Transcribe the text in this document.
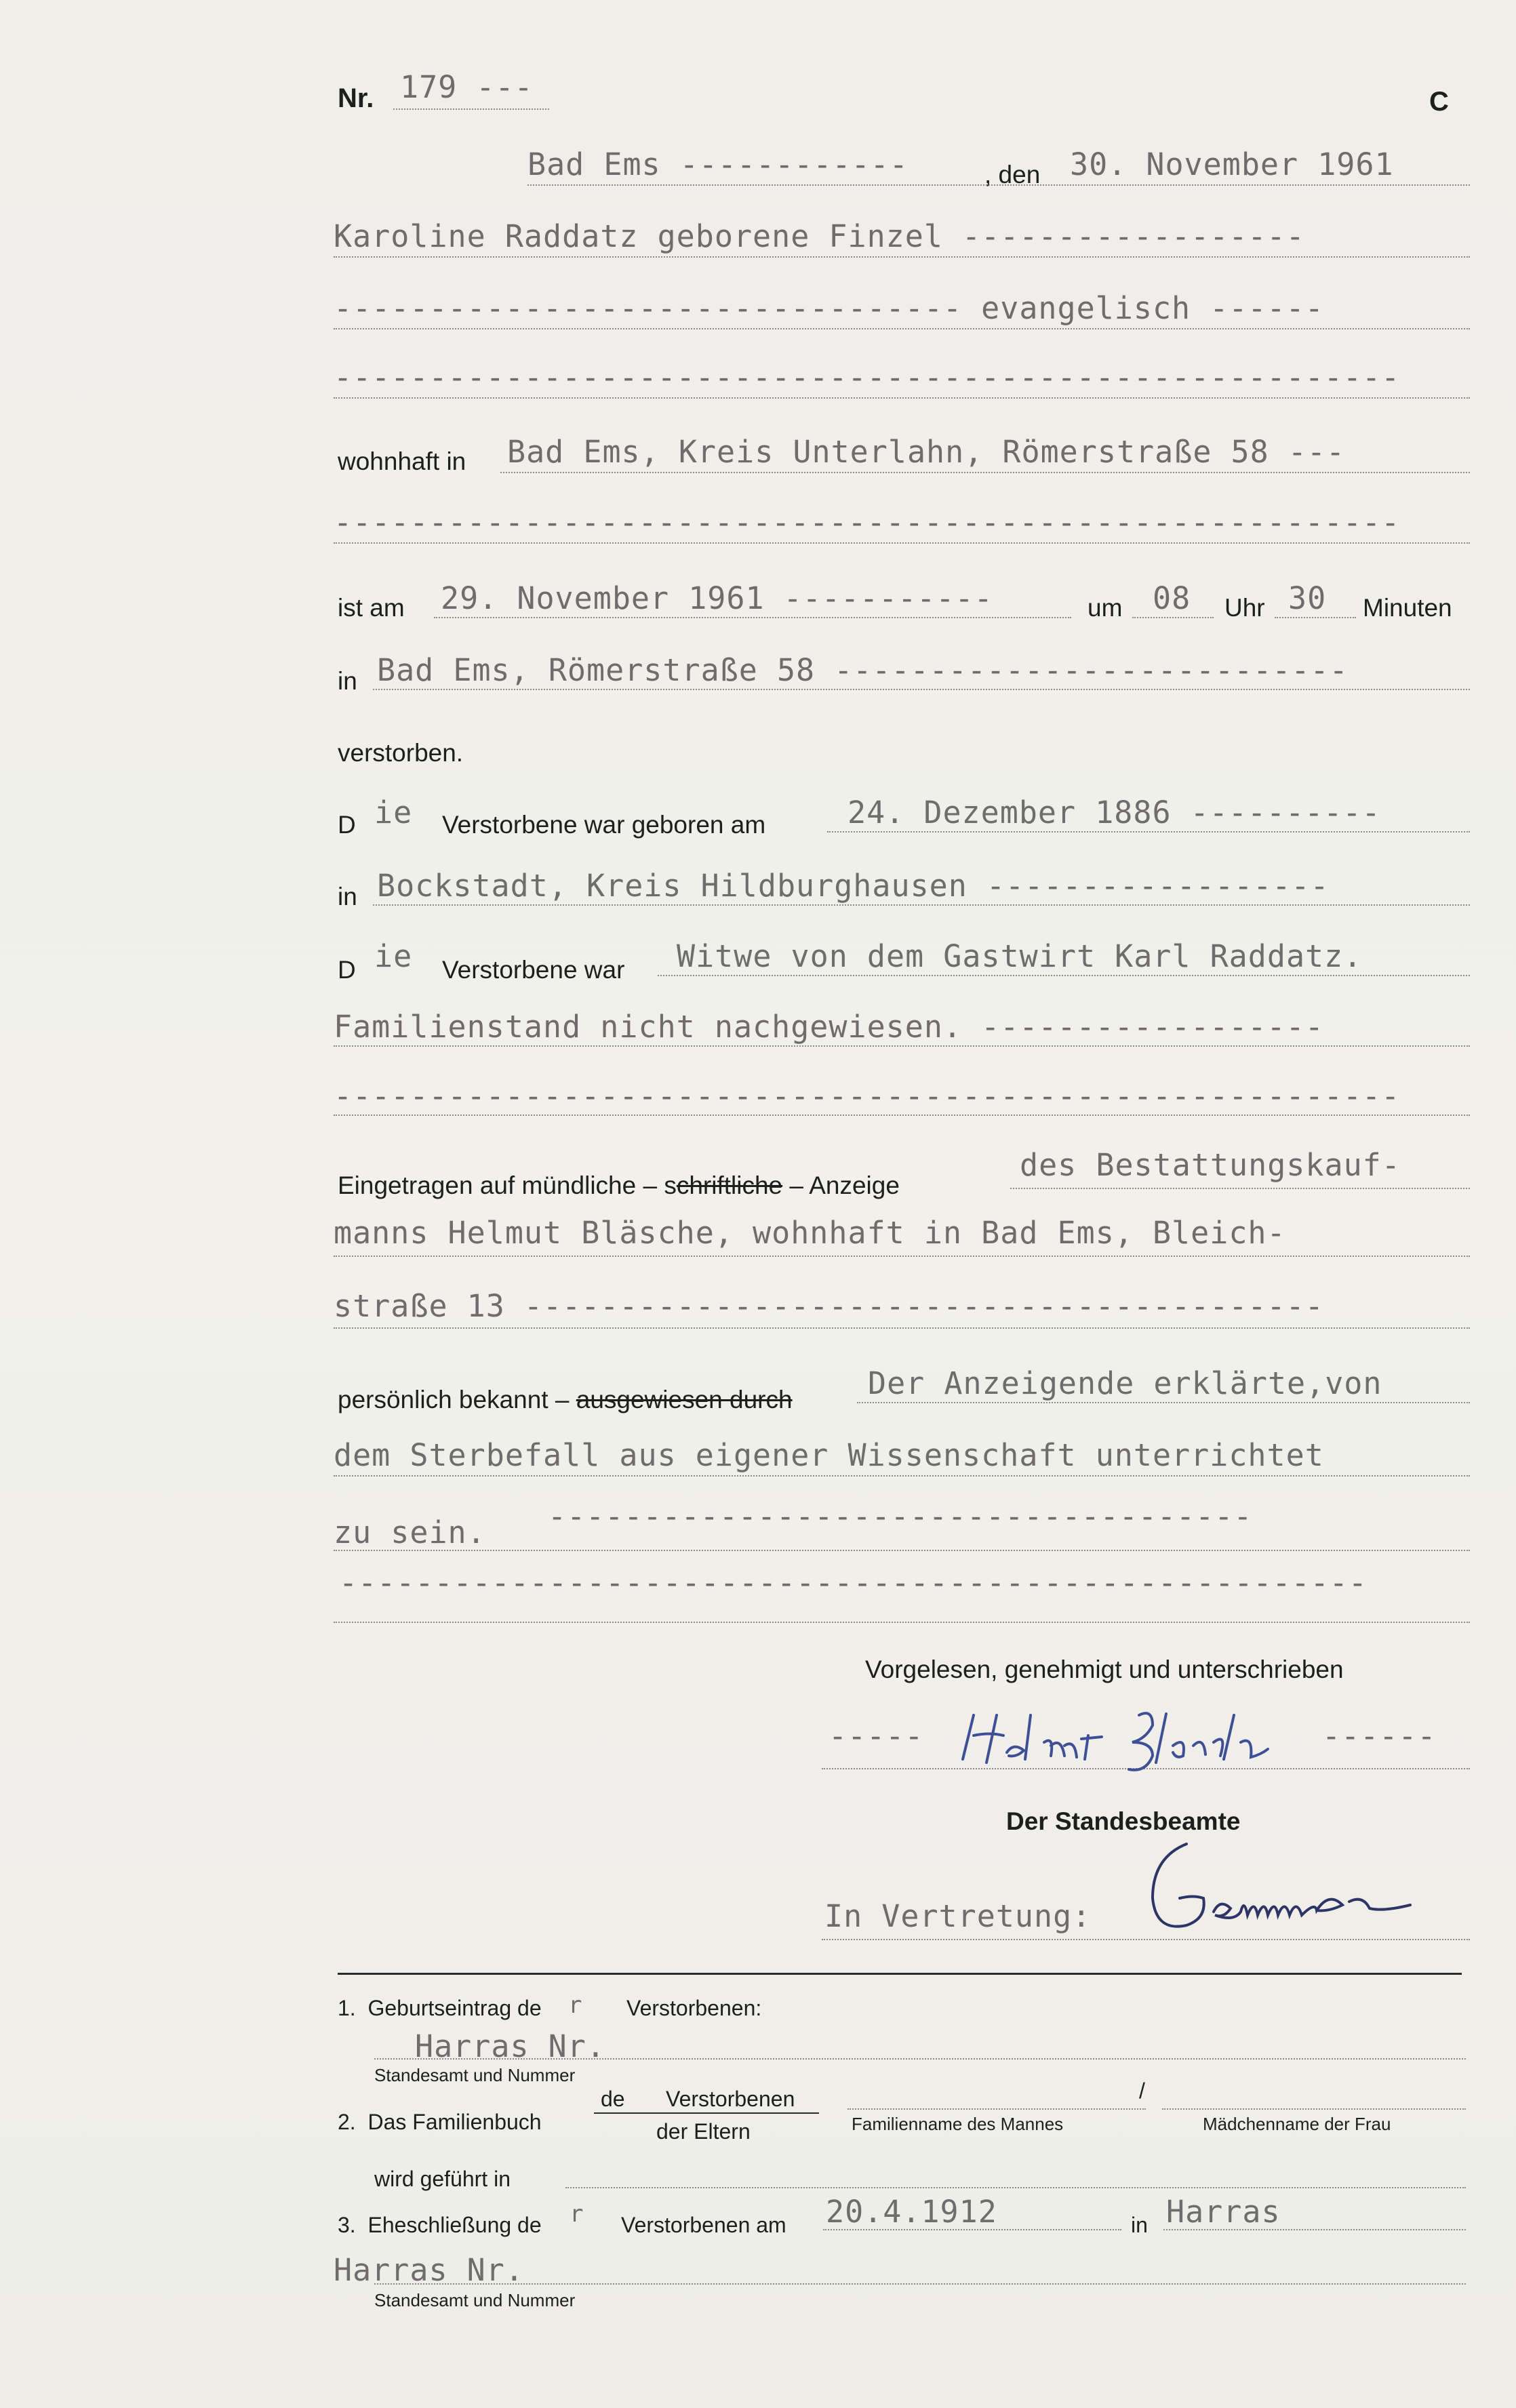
Nr. 179 ---	C
Bad Ems ------------	, den 30. November 1961
Karoline Raddatz geborene Finzel ------------------
--------------------------------- evangelisch ------
--------------------------------------------------------
wohnhaft in Bad Ems, Kreis Unterlahn, Römerstraße 58 ---
--------------------------------------------------------
ist am 29. November 1961 -----------	um 08 Uhr 30 Minuten
in Bad Ems, Römerstraße 58 ---------------------------
verstorben.
D ie Verstorbene war geboren am	24. Dezember 1886 ----------
in Bockstadt, Kreis Hildburghausen ------------------
D ie Verstorbene war Witwe von dem Gastwirt Karl Raddatz.
Familienstand nicht nachgewiesen. ------------------
--------------------------------------------------------
Eingetragen auf mündliche – schriftliche – Anzeige
des Bestattungskauf-
manns Helmut Bläsche, wohnhaft in Bad Ems, Bleich-
straße 13 ------------------------------------------
persönlich bekannt – ausgewiesen durch Der Anzeigende erklärte,von
dem Sterbefall aus eigener Wissenschaft unterrichtet
zu sein. -------------------------------------
------------------------------------------------------
Vorgelesen, genehmigt und unterschrieben
-----	------
Der Standesbeamte
In Vertretung:
1.  Geburtseintrag de r Verstorbenen:
Harras Nr.
Standesamt und Nummer
2.  Das Familienbuch
de Verstorbenen
der Eltern
/
Familienname des Mannes	Mädchenname der Frau
wird geführt in
3.  Eheschließung de r Verstorbenen am 20.4.1912	in Harras
Harras Nr.
Standesamt und Nummer
